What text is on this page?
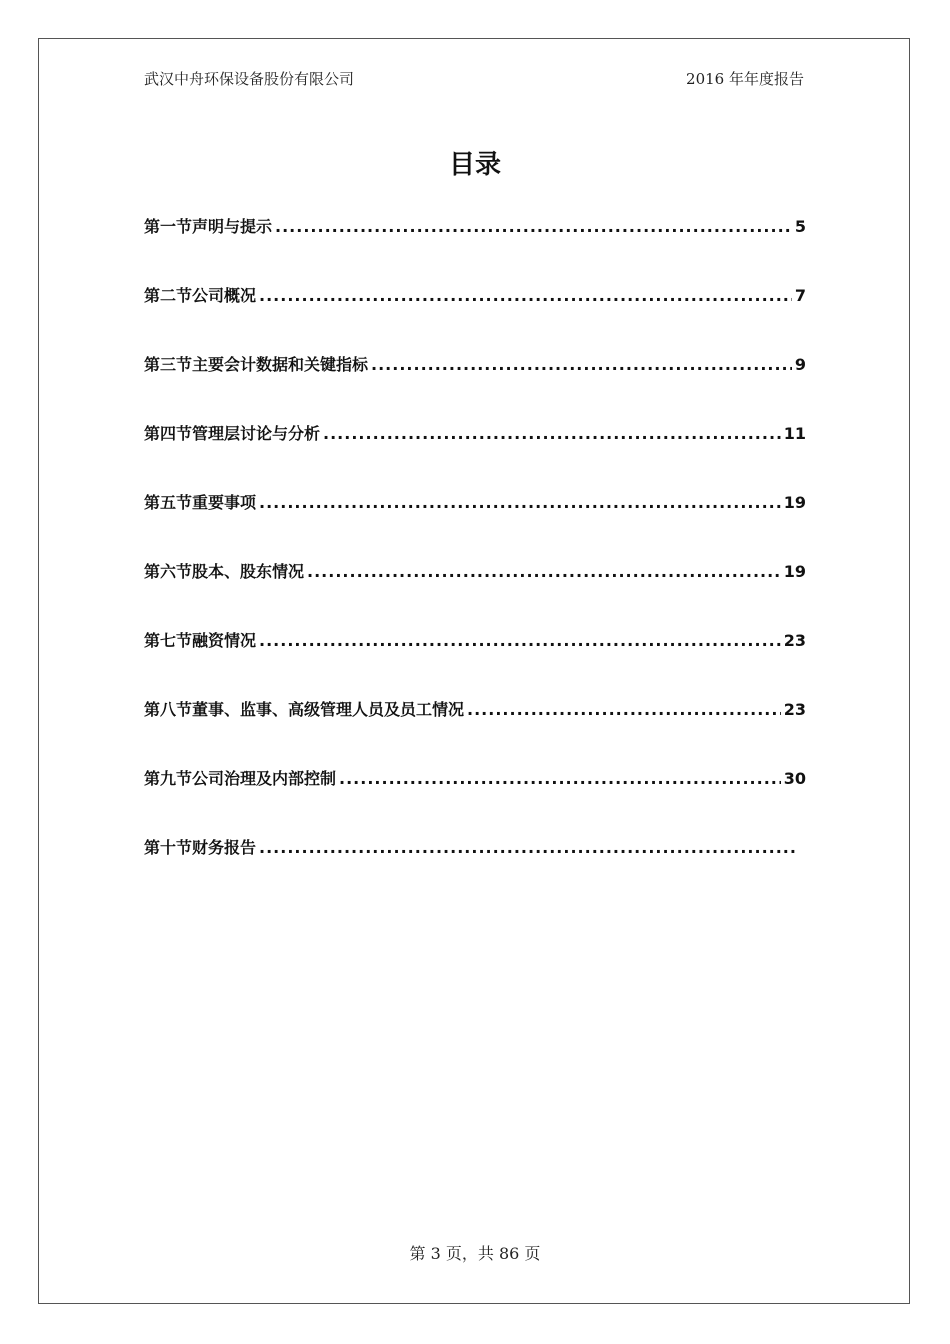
武汉中舟环保设备股份有限公司	2016 年年度报告
目录
第一节声明与提示 .....	5
第二节公司概况 .....	7
第三节主要会计数据和关键指标 .....	9
第四节管理层讨论与分析 .....	11
第五节重要事项 .....	19
第六节股本、股东情况 .....	19
第七节融资情况 .....	23
第八节董事、监事、高级管理人员及员工情况 .....	23
第九节公司治理及内部控制 .....	30
第十节财务报告
.....
第 3 页，共 86 页
